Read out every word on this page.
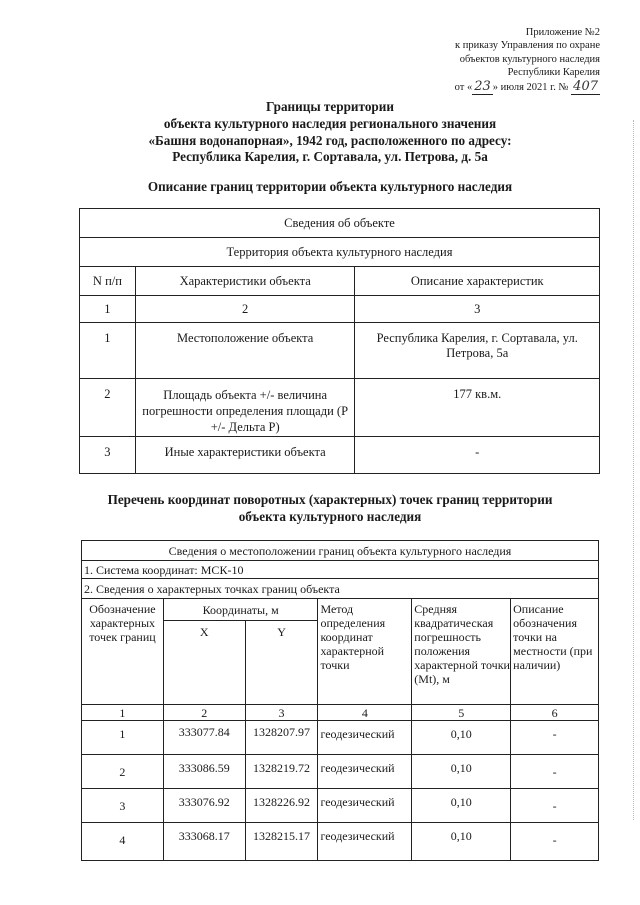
Приложение №2
к приказу Управления по охране
объектов культурного наследия
Республики Карелия
от « 23 » июля 2021 г. № 407
Границы территории
объекта культурного наследия регионального значения
«Башня водонапорная», 1942 год, расположенного по адресу:
Республика Карелия, г. Сортавала, ул. Петрова, д. 5а
Описание границ территории объекта культурного наследия
Сведения об объекте		
Территория объекта культурного наследия		
N п/п	Характеристики объекта	Описание характеристик
1	2	3
1	Местоположение объекта	Республика Карелия, г. Сортавала, ул. Петрова, 5а
2	Площадь объекта +/- величина погрешности определения площади (P +/- Дельта P)	177 кв.м.
3	Иные характеристики объекта	-
Перечень координат поворотных (характерных) точек границ территории
объекта культурного наследия
Сведения о местоположении границ объекта культурного наследия					
1. Система координат: МСК-10					
2. Сведения о характерных точках границ объекта					
Обозначение характерных точек границ	Координаты, м		Метод определения координат характерной точки	Средняя квадратическая погрешность положения характерной точки (Mt), м	Описание обозначения точки на местности (при наличии)
	X	Y			
1	2	3	4	5	6
1	333077.84	1328207.97	геодезический	0,10	-
2	333086.59	1328219.72	геодезический	0,10	-
3	333076.92	1328226.92	геодезический	0,10	-
4	333068.17	1328215.17	геодезический	0,10	-
